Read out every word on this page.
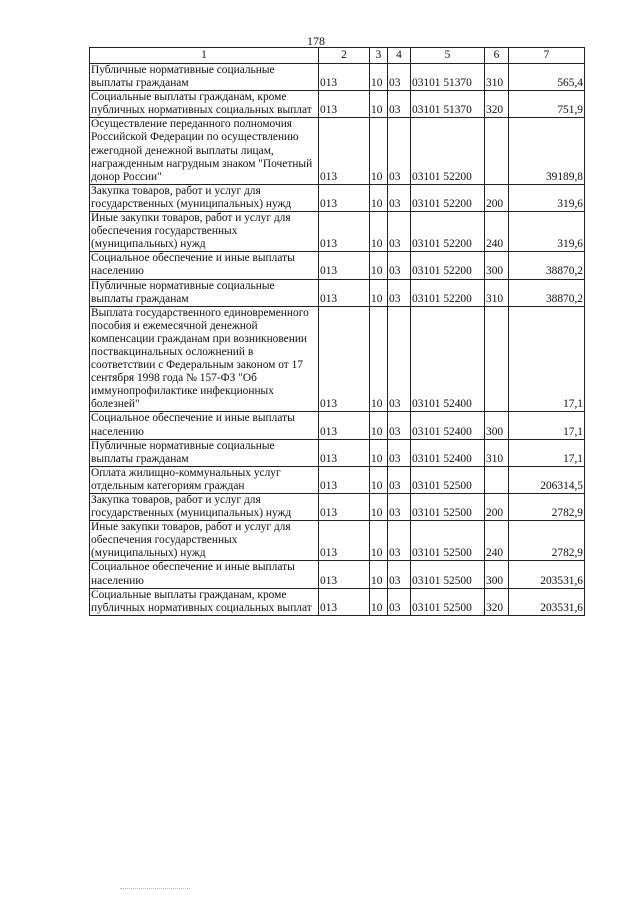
178
1	2	3	4	5	6	7
Публичные нормативные социальные выплаты гражданам	013	10	03	03101 51370	310	565,4
Социальные выплаты гражданам, кроме публичных нормативных социальных выплат	013	10	03	03101 51370	320	751,9
Осуществление переданного полномочия Российской Федерации по осуществлению ежегодной денежной выплаты лицам, награжденным нагрудным знаком "Почетный донор России"	013	10	03	03101 52200		39189,8
Закупка товаров, работ и услуг для государственных (муниципальных) нужд	013	10	03	03101 52200	200	319,6
Иные закупки товаров, работ и услуг для обеспечения государственных (муниципальных) нужд	013	10	03	03101 52200	240	319,6
Социальное обеспечение и иные выплаты населению	013	10	03	03101 52200	300	38870,2
Публичные нормативные социальные выплаты гражданам	013	10	03	03101 52200	310	38870,2
Выплата государственного единовременного пособия и ежемесячной денежной компенсации гражданам при возникновении поствакцинальных осложнений в соответствии с Федеральным законом от 17 сентября 1998 года № 157-ФЗ "Об иммунопрофилактике инфекционных болезней"	013	10	03	03101 52400		17,1
Социальное обеспечение и иные выплаты населению	013	10	03	03101 52400	300	17,1
Публичные нормативные социальные выплаты гражданам	013	10	03	03101 52400	310	17,1
Оплата жилищно-коммунальных услуг отдельным категориям граждан	013	10	03	03101 52500		206314,5
Закупка товаров, работ и услуг для государственных (муниципальных) нужд	013	10	03	03101 52500	200	2782,9
Иные закупки товаров, работ и услуг для обеспечения государственных (муниципальных) нужд	013	10	03	03101 52500	240	2782,9
Социальное обеспечение и иные выплаты населению	013	10	03	03101 52500	300	203531,6
Социальные выплаты гражданам, кроме публичных нормативных социальных выплат	013	10	03	03101 52500	320	203531,6
